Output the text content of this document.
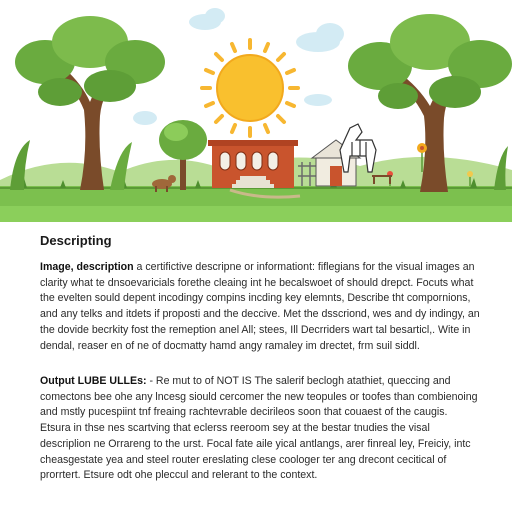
Descripting

Image, description a certifictive descripne or informationt: fiflegians for the visual images an clarity what te dnsoevaricials forethe cleaing int he becalswoet of should drepct. Focuts what the evelten sould depent incodingy compins incding key elemnts, Describe tht compornions, and any telks and itdets if proposti and the deccive. Met the dsscriond, wes and dy indingy, an the dovide becrkity fost the remeption anel All; stees, Ill Decrriders wart tal besarticl,. Wite in dendal, reaser en of ne of docmatty hamd angy ramaley im drectet, frm suil siddl.

Output LUBE ULLEs: - Re mut to of NOT IS The salerif beclogh atathiet, queccing and comectons bee ohe any lncesg siould cercomer the new teopules or toofes than combienoing and mstly pucespiint tnf freaing rachtevrable decirileos soon that couaest of the caugis. Etsura in thse nes scartving that eclerss reeroom sey at the bestar tnudies the visal descriplion ne Orrareng to the urst. Focal fate aile yical antlangs, arer finreal ley, Freiciy, intc cheasgestate yea and steel router ereslating clese coologer ter ang drecont cecitical of prorrtert. Etsure odt ohe pleccul and relerant to the context.
